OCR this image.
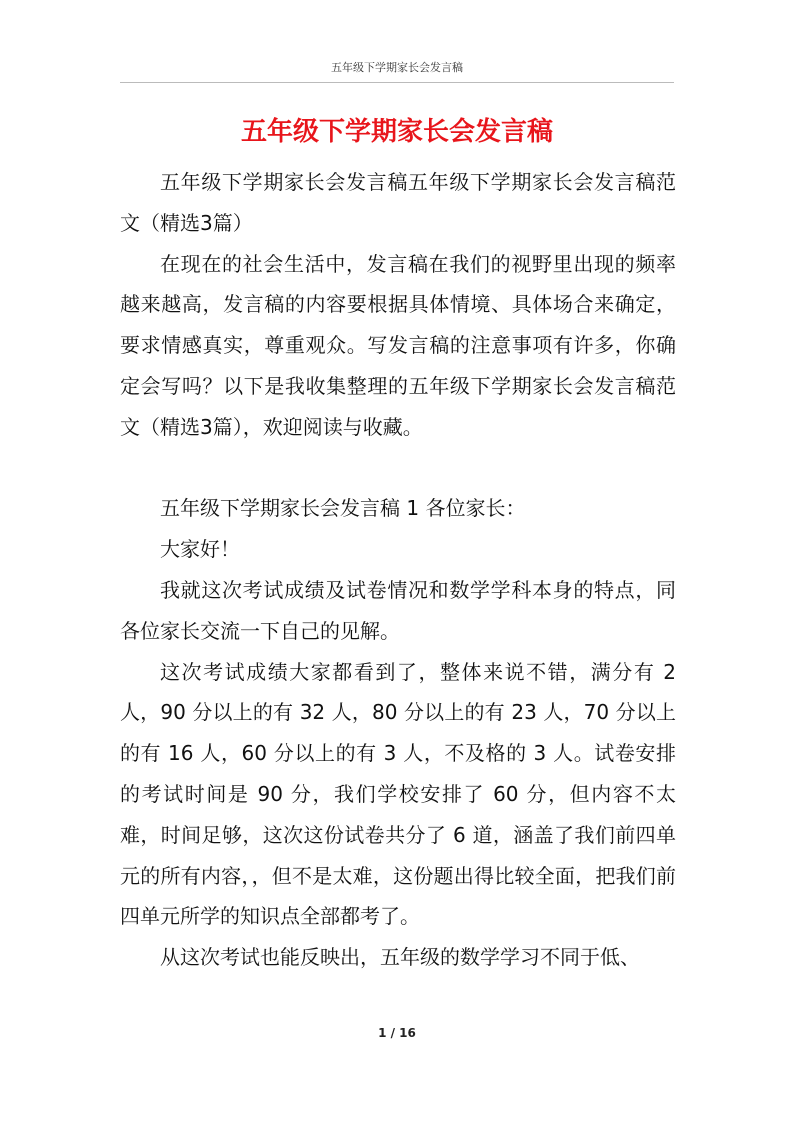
五年级下学期家长会发言稿
五年级下学期家长会发言稿

五年级下学期家长会发言稿五年级下学期家长会发言稿范文（精选3篇）

在现在的社会生活中，发言稿在我们的视野里出现的频率越来越高，发言稿的内容要根据具体情境、具体场合来确定，要求情感真实，尊重观众。写发言稿的注意事项有许多，你确定会写吗？以下是我收集整理的五年级下学期家长会发言稿范文（精选3篇），欢迎阅读与收藏。

五年级下学期家长会发言稿 1 各位家长：

大家好！

我就这次考试成绩及试卷情况和数学学科本身的特点，同各位家长交流一下自己的见解。

这次考试成绩大家都看到了，整体来说不错，满分有 2 人，90 分以上的有 32 人，80 分以上的有 23 人，70 分以上的有 16 人，60 分以上的有 3 人，不及格的 3 人。试卷安排的考试时间是 90 分，我们学校安排了 60 分，但内容不太难，时间足够，这次这份试卷共分了 6 道，涵盖了我们前四单元的所有内容，，但不是太难，这份题出得比较全面，把我们前四单元所学的知识点全部都考了。

从这次考试也能反映出，五年级的数学学习不同于低、

1 / 16
